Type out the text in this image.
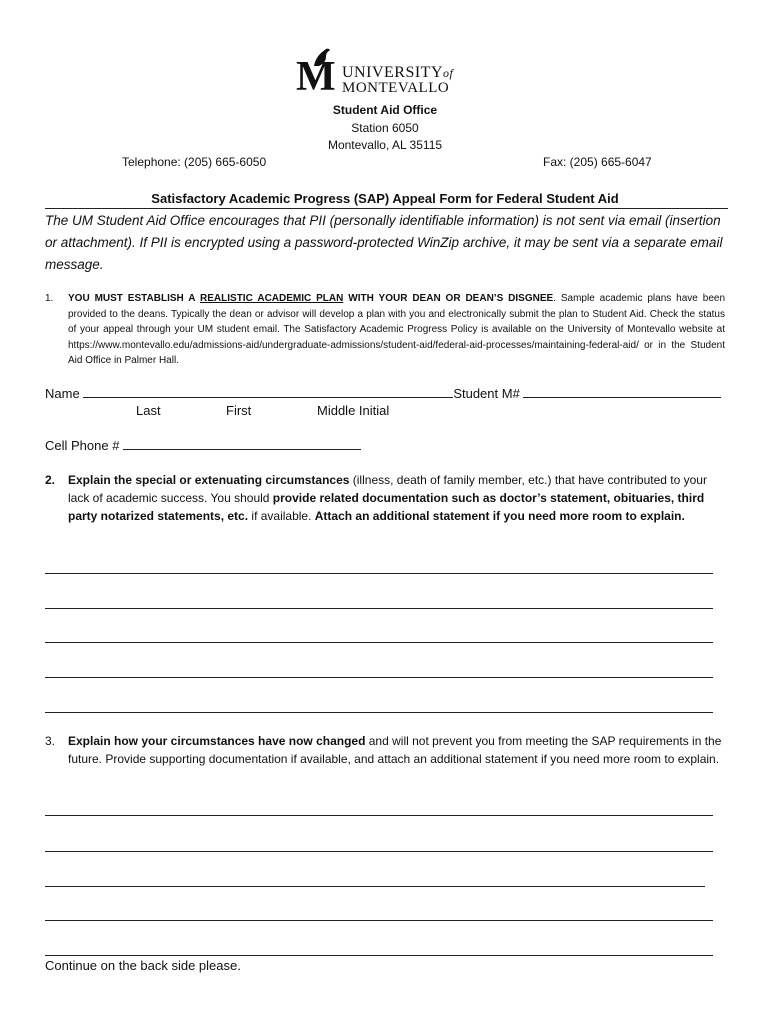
M UNIVERSITYof
MONTEVALLO
Student Aid Office
Station 6050
Montevallo, AL 35115
Telephone: (205) 665-6050	Fax: (205) 665-6047
Satisfactory Academic Progress (SAP) Appeal Form for Federal Student Aid
The UM Student Aid Office encourages that PII (personally identifiable information) is not sent via email (insertion or attachment). If PII is encrypted using a password-protected WinZip archive, it may be sent via a separate email message.
1. YOU MUST ESTABLISH A REALISTIC ACADEMIC PLAN WITH YOUR DEAN OR DEAN’S DISGNEE. Sample academic plans have been provided to the deans. Typically the dean or advisor will develop a plan with you and electronically submit the plan to Student Aid. Check the status of your appeal through your UM student email. The Satisfactory Academic Progress Policy is available on the University of Montevallo website at https://www.montevallo.edu/admissions-aid/undergraduate-admissions/student-aid/federal-aid-processes/maintaining-federal-aid/ or in the Student Aid Office in Palmer Hall.
Name	Student M#
Last	First	Middle Initial
Cell Phone #
2. Explain the special or extenuating circumstances (illness, death of family member, etc.) that have contributed to your lack of academic success. You should provide related documentation such as doctor’s statement, obituaries, third party notarized statements, etc. if available. Attach an additional statement if you need more room to explain.
3. Explain how your circumstances have now changed and will not prevent you from meeting the SAP requirements in the future. Provide supporting documentation if available, and attach an additional statement if you need more room to explain.
Continue on the back side please.
